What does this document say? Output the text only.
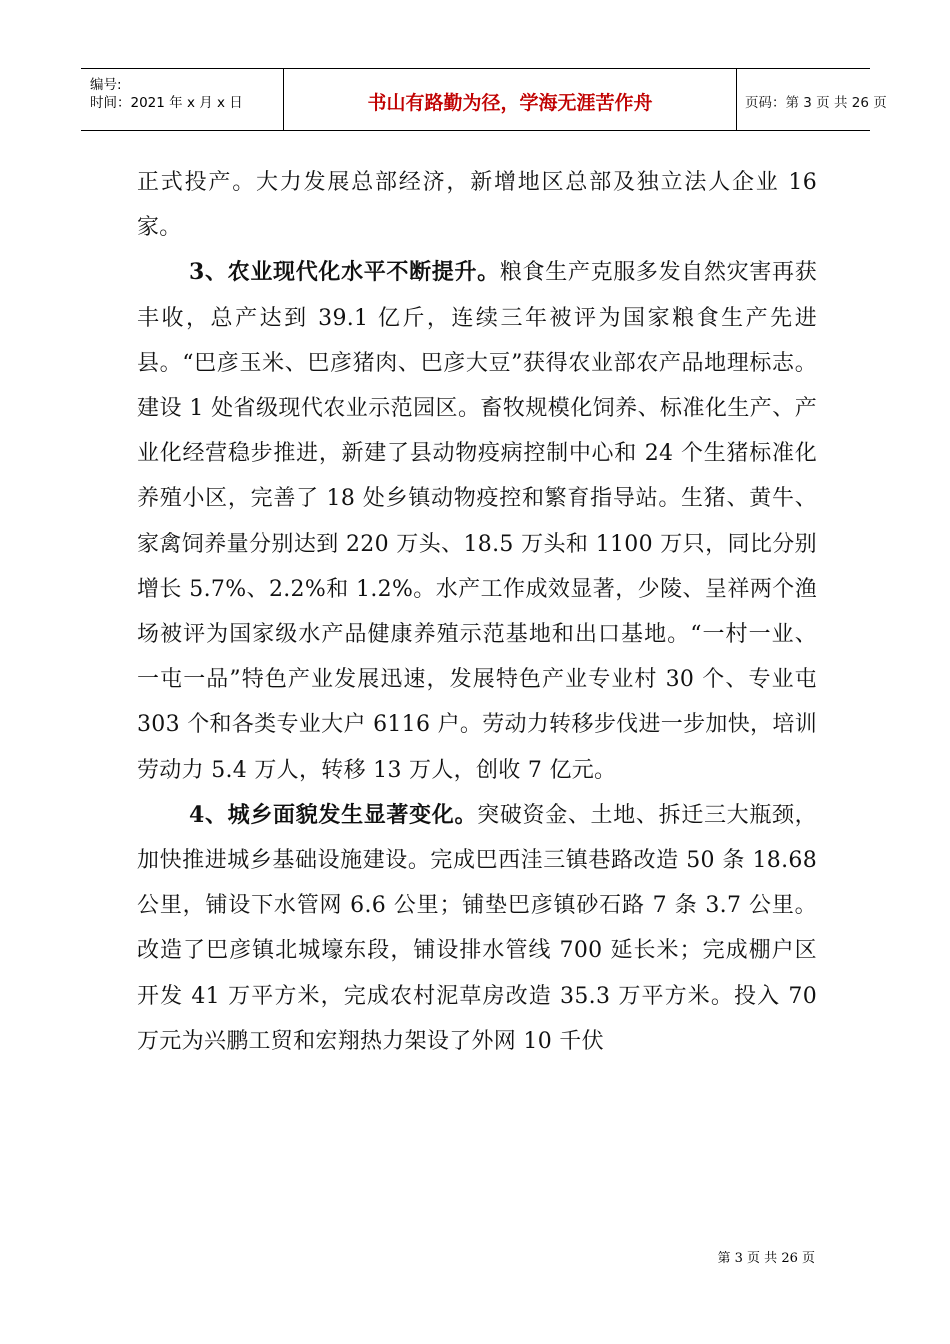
编号:
时间：2021 年 x 月 x 日	书山有路勤为径，学海无涯苦作舟	页码：第 3 页 共 26 页

正式投产。大力发展总部经济，新增地区总部及独立法人企业 16 家。

3、农业现代化水平不断提升。粮食生产克服多发自然灾害再获丰收，总产达到 39.1 亿斤，连续三年被评为国家粮食生产先进县。“巴彦玉米、巴彦猪肉、巴彦大豆”获得农业部农产品地理标志。建设 1 处省级现代农业示范园区。畜牧规模化饲养、标准化生产、产业化经营稳步推进，新建了县动物疫病控制中心和 24 个生猪标准化养殖小区，完善了 18 处乡镇动物疫控和繁育指导站。生猪、黄牛、家禽饲养量分别达到 220 万头、18.5 万头和 1100 万只，同比分别增长 5.7%、2.2%和 1.2%。水产工作成效显著，少陵、呈祥两个渔场被评为国家级水产品健康养殖示范基地和出口基地。“一村一业、一屯一品”特色产业发展迅速，发展特色产业专业村 30 个、专业屯 303 个和各类专业大户 6116 户。劳动力转移步伐进一步加快，培训劳动力 5.4 万人，转移 13 万人，创收 7 亿元。

4、城乡面貌发生显著变化。突破资金、土地、拆迁三大瓶颈，加快推进城乡基础设施建设。完成巴西洼三镇巷路改造 50 条 18.68 公里，铺设下水管网 6.6 公里；铺垫巴彦镇砂石路 7 条 3.7 公里。改造了巴彦镇北城壕东段，铺设排水管线 700 延长米；完成棚户区开发 41 万平方米，完成农村泥草房改造 35.3 万平方米。投入 70 万元为兴鹏工贸和宏翔热力架设了外网 10 千伏

第 3 页 共 26 页
